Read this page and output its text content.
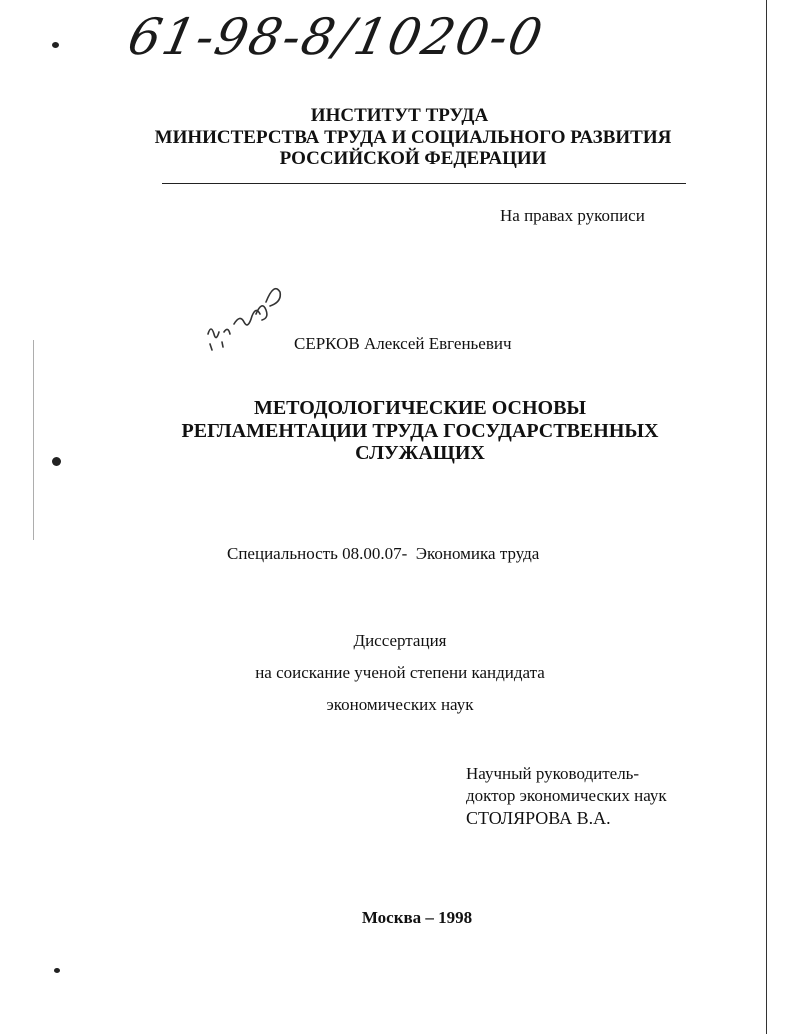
61-98-8/1020-0
ИНСТИТУТ ТРУДА
МИНИСТЕРСТВА ТРУДА И СОЦИАЛЬНОГО РАЗВИТИЯ
РОССИЙСКОЙ ФЕДЕРАЦИИ
На правах рукописи
СЕРКОВ Алексей Евгеньевич
МЕТОДОЛОГИЧЕСКИЕ ОСНОВЫ
РЕГЛАМЕНТАЦИИ ТРУДА ГОСУДАРСТВЕННЫХ
СЛУЖАЩИХ
Специальность 08.00.07-  Экономика труда
Диссертация
на соискание ученой степени кандидата
экономических наук
Научный руководитель-
доктор экономических наук
СТОЛЯРОВА В.А.
Москва – 1998
